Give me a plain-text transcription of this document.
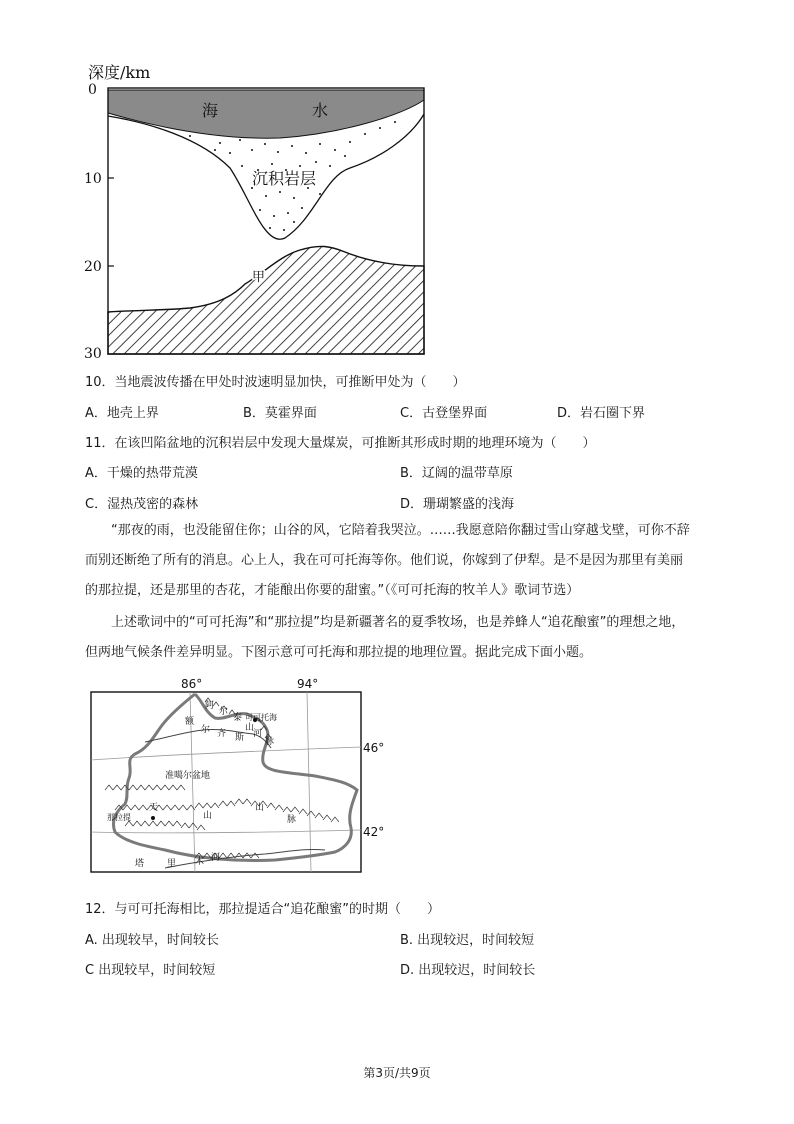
深度/km
0
10
20
30
海	水
沉积岩层
甲
10．当地震波传播在甲处时波速明显加快，可推断甲处为（　　）
A．地壳上界	B．莫霍界面	C．古登堡界面	D．岩石圈下界
11．在该凹陷盆地的沉积岩层中发现大量煤炭，可推断其形成时期的地理环境为（　　）
A．干燥的热带荒漠	B．辽阔的温带草原
C．湿热茂密的森林	D．珊瑚繁盛的浅海
“那夜的雨，也没能留住你；山谷的风，它陪着我哭泣。……我愿意陪你翻过雪山穿越戈壁，可你不辞
而别还断绝了所有的消息。心上人，我在可可托海等你。他们说，你嫁到了伊犁。是不是因为那里有美丽
的那拉提，还是那里的杏花，才能酿出你要的甜蜜。”（《可可托海的牧羊人》歌词节选）
上述歌词中的“可可托海”和“那拉提”均是新疆著名的夏季牧场，也是养蜂人“追花酿蜜”的理想之地，
但两地气候条件差异明显。下图示意可可托海和那拉提的地理位置。据此完成下面小题。
86°	94°
46°
42°
可可托海
那拉提
阿
尔
泰
山
脉
额
尔 齐 斯 河
准噶尔盆地
天
山
山
脉
塔	里 木 河
12．与可可托海相比，那拉提适合“追花酿蜜”的时期（　　）
A. 出现较早，时间较长	B. 出现较迟，时间较短
C 出现较早，时间较短	D. 出现较迟，时间较长
第3页/共9页
